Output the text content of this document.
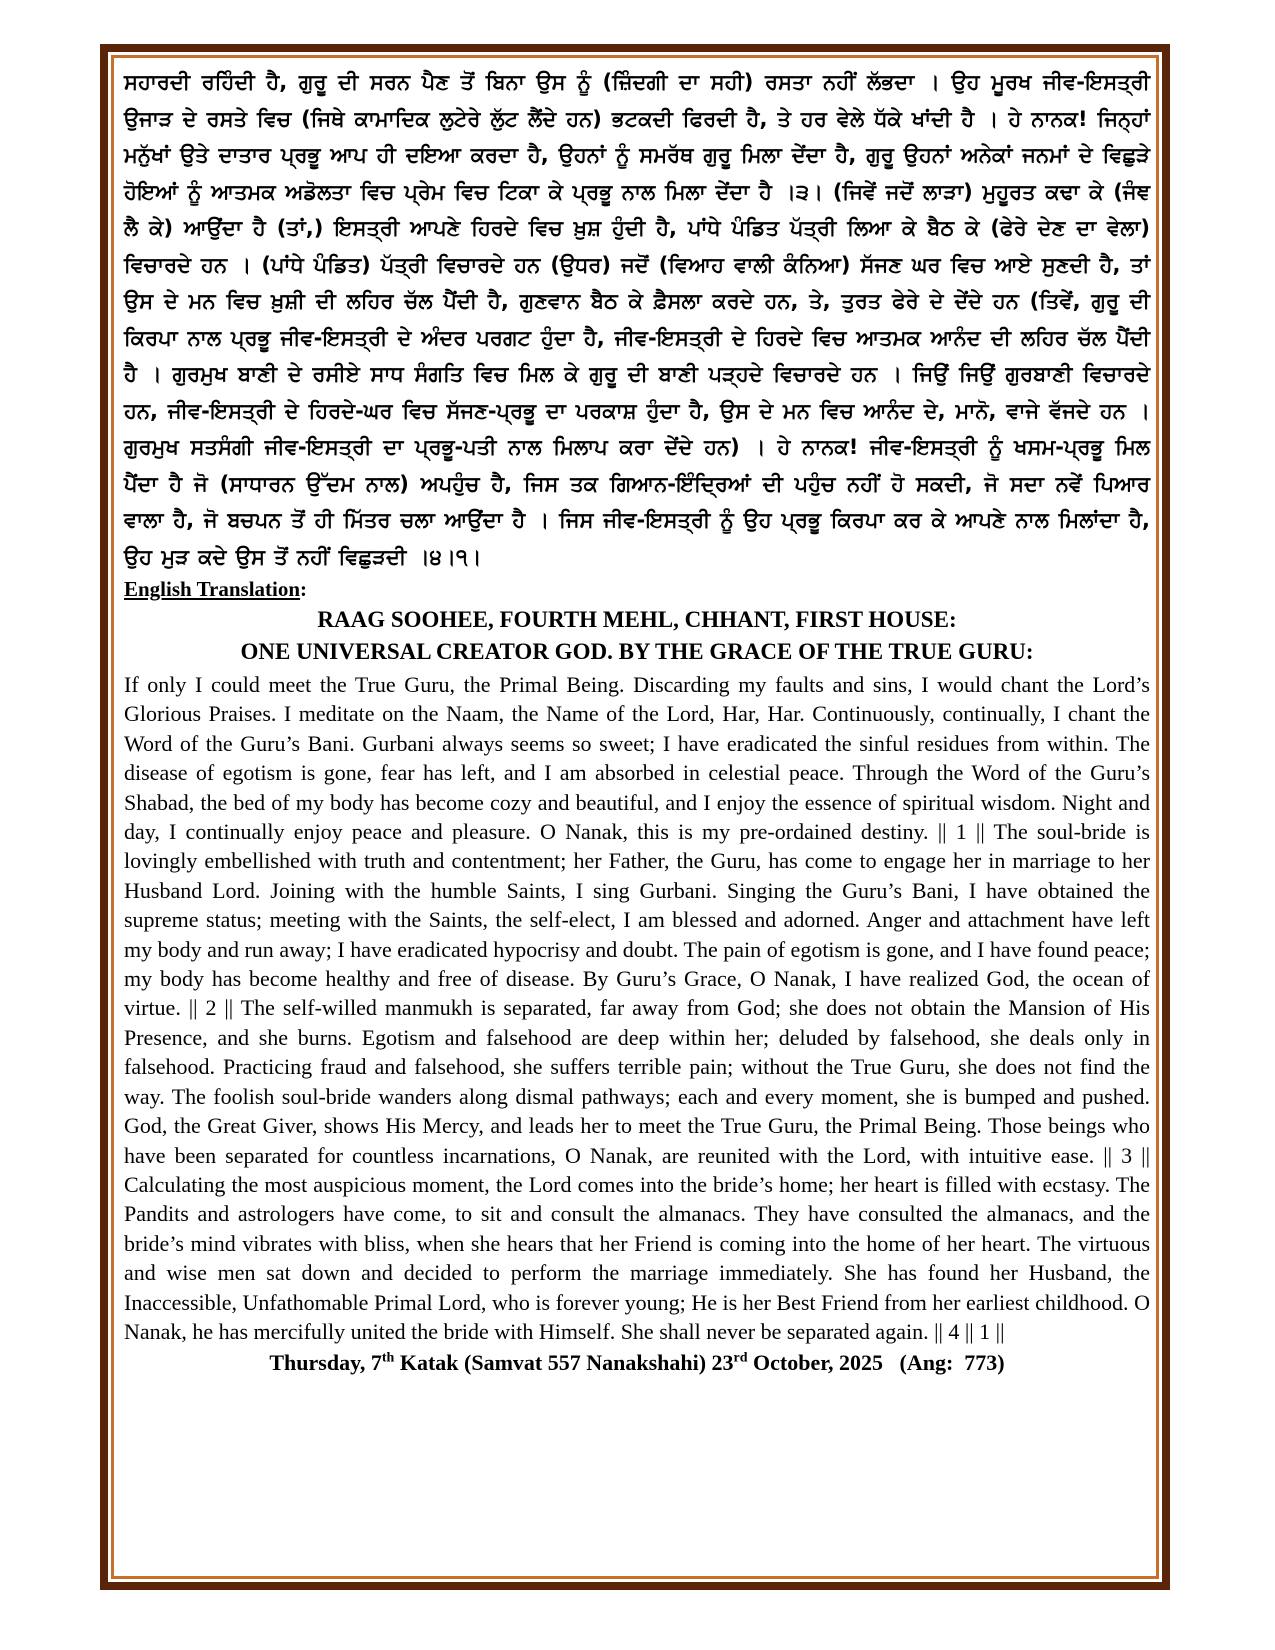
ਸਹਾਰਦੀ ਰਹਿੰਦੀ ਹੈ, ਗੁਰੂ ਦੀ ਸਰਨ ਪੈਣ ਤੋਂ ਬਿਨਾ ਉਸ ਨੂੰ (ਜ਼ਿੰਦਗੀ ਦਾ ਸਹੀ) ਰਸਤਾ ਨਹੀਂ ਲੱਭਦਾ । ਉਹ ਮੂਰਖ ਜੀਵ-ਇਸਤ੍ਰੀ ਉਜਾੜ ਦੇ ਰਸਤੇ ਵਿਚ (ਜਿਥੇ ਕਾਮਾਦਿਕ ਲੁਟੇਰੇ ਲੁੱਟ ਲੈਂਦੇ ਹਨ) ਭਟਕਦੀ ਫਿਰਦੀ ਹੈ, ਤੇ ਹਰ ਵੇਲੇ ਧੱਕੇ ਖਾਂਦੀ ਹੈ । ਹੇ ਨਾਨਕ! ਜਿਨ੍ਹਾਂ ਮਨੁੱਖਾਂ ਉਤੇ ਦਾਤਾਰ ਪ੍ਰਭੂ ਆਪ ਹੀ ਦਇਆ ਕਰਦਾ ਹੈ, ਉਹਨਾਂ ਨੂੰ ਸਮਰੱਥ ਗੁਰੂ ਮਿਲਾ ਦੇਂਦਾ ਹੈ, ਗੁਰੂ ਉਹਨਾਂ ਅਨੇਕਾਂ ਜਨਮਾਂ ਦੇ ਵਿਛੁੜੇ ਹੋਇਆਂ ਨੂੰ ਆਤਮਕ ਅਡੋਲਤਾ ਵਿਚ ਪ੍ਰੇਮ ਵਿਚ ਟਿਕਾ ਕੇ ਪ੍ਰਭੂ ਨਾਲ ਮਿਲਾ ਦੇਂਦਾ ਹੈ ।੩। (ਜਿਵੇਂ ਜਦੋਂ ਲਾੜਾ) ਮੁਹੂਰਤ ਕਢਾ ਕੇ (ਜੰਞ ਲੈ ਕੇ) ਆਉਂਦਾ ਹੈ (ਤਾਂ,) ਇਸਤ੍ਰੀ ਆਪਣੇ ਹਿਰਦੇ ਵਿਚ ਖ਼ੁਸ਼ ਹੁੰਦੀ ਹੈ, ਪਾਂਧੇ ਪੰਡਿਤ ਪੱਤ੍ਰੀ ਲਿਆ ਕੇ ਬੈਠ ਕੇ (ਫੇਰੇ ਦੇਣ ਦਾ ਵੇਲਾ) ਵਿਚਾਰਦੇ ਹਨ । (ਪਾਂਧੇ ਪੰਡਿਤ) ਪੱਤ੍ਰੀ ਵਿਚਾਰਦੇ ਹਨ (ਉਧਰ) ਜਦੋਂ (ਵਿਆਹ ਵਾਲੀ ਕੰਨਿਆ) ਸੱਜਣ ਘਰ ਵਿਚ ਆਏ ਸੁਣਦੀ ਹੈ, ਤਾਂ ਉਸ ਦੇ ਮਨ ਵਿਚ ਖ਼ੁਸ਼ੀ ਦੀ ਲਹਿਰ ਚੱਲ ਪੈਂਦੀ ਹੈ, ਗੁਣਵਾਨ ਬੈਠ ਕੇ ਫ਼ੈਸਲਾ ਕਰਦੇ ਹਨ, ਤੇ, ਤੁਰਤ ਫੇਰੇ ਦੇ ਦੇਂਦੇ ਹਨ (ਤਿਵੇਂ, ਗੁਰੂ ਦੀ ਕਿਰਪਾ ਨਾਲ ਪ੍ਰਭੂ ਜੀਵ-ਇਸਤ੍ਰੀ ਦੇ ਅੰਦਰ ਪਰਗਟ ਹੁੰਦਾ ਹੈ, ਜੀਵ-ਇਸਤ੍ਰੀ ਦੇ ਹਿਰਦੇ ਵਿਚ ਆਤਮਕ ਆਨੰਦ ਦੀ ਲਹਿਰ ਚੱਲ ਪੈਂਦੀ ਹੈ । ਗੁਰਮੁਖ ਬਾਣੀ ਦੇ ਰਸੀਏ ਸਾਧ ਸੰਗਤਿ ਵਿਚ ਮਿਲ ਕੇ ਗੁਰੂ ਦੀ ਬਾਣੀ ਪੜ੍ਹਦੇ ਵਿਚਾਰਦੇ ਹਨ । ਜਿਉਂ ਜਿਉਂ ਗੁਰਬਾਣੀ ਵਿਚਾਰਦੇ ਹਨ, ਜੀਵ-ਇਸਤ੍ਰੀ ਦੇ ਹਿਰਦੇ-ਘਰ ਵਿਚ ਸੱਜਣ-ਪ੍ਰਭੂ ਦਾ ਪਰਕਾਸ਼ ਹੁੰਦਾ ਹੈ, ਉਸ ਦੇ ਮਨ ਵਿਚ ਆਨੰਦ ਦੇ, ਮਾਨੋ, ਵਾਜੇ ਵੱਜਦੇ ਹਨ । ਗੁਰਮੁਖ ਸਤਸੰਗੀ ਜੀਵ-ਇਸਤ੍ਰੀ ਦਾ ਪ੍ਰਭੂ-ਪਤੀ ਨਾਲ ਮਿਲਾਪ ਕਰਾ ਦੇਂਦੇ ਹਨ) । ਹੇ ਨਾਨਕ! ਜੀਵ-ਇਸਤ੍ਰੀ ਨੂੰ ਖਸਮ-ਪ੍ਰਭੂ ਮਿਲ ਪੈਂਦਾ ਹੈ ਜੋ (ਸਾਧਾਰਨ ਉੱਦਮ ਨਾਲ) ਅਪਹੁੰਚ ਹੈ, ਜਿਸ ਤਕ ਗਿਆਨ-ਇੰਦ੍ਰਿਆਂ ਦੀ ਪਹੁੰਚ ਨਹੀਂ ਹੋ ਸਕਦੀ, ਜੋ ਸਦਾ ਨਵੇਂ ਪਿਆਰ ਵਾਲਾ ਹੈ, ਜੋ ਬਚਪਨ ਤੋਂ ਹੀ ਮਿੱਤਰ ਚਲਾ ਆਉਂਦਾ ਹੈ । ਜਿਸ ਜੀਵ-ਇਸਤ੍ਰੀ ਨੂੰ ਉਹ ਪ੍ਰਭੂ ਕਿਰਪਾ ਕਰ ਕੇ ਆਪਣੇ ਨਾਲ ਮਿਲਾਂਦਾ ਹੈ, ਉਹ ਮੁੜ ਕਦੇ ਉਸ ਤੋਂ ਨਹੀਂ ਵਿਛੁੜਦੀ ।੪।੧।

English Translation:

RAAG SOOHEE, FOURTH MEHL, CHHANT, FIRST HOUSE:

ONE UNIVERSAL CREATOR GOD. BY THE GRACE OF THE TRUE GURU:

If only I could meet the True Guru, the Primal Being. Discarding my faults and sins, I would chant the Lord’s Glorious Praises. I meditate on the Naam, the Name of the Lord, Har, Har. Continuously, continually, I chant the Word of the Guru’s Bani. Gurbani always seems so sweet; I have eradicated the sinful residues from within. The disease of egotism is gone, fear has left, and I am absorbed in celestial peace. Through the Word of the Guru’s Shabad, the bed of my body has become cozy and beautiful, and I enjoy the essence of spiritual wisdom. Night and day, I continually enjoy peace and pleasure. O Nanak, this is my pre-ordained destiny. || 1 || The soul-bride is lovingly embellished with truth and contentment; her Father, the Guru, has come to engage her in marriage to her Husband Lord. Joining with the humble Saints, I sing Gurbani. Singing the Guru’s Bani, I have obtained the supreme status; meeting with the Saints, the self-elect, I am blessed and adorned. Anger and attachment have left my body and run away; I have eradicated hypocrisy and doubt. The pain of egotism is gone, and I have found peace; my body has become healthy and free of disease. By Guru’s Grace, O Nanak, I have realized God, the ocean of virtue. || 2 || The self-willed manmukh is separated, far away from God; she does not obtain the Mansion of His Presence, and she burns. Egotism and falsehood are deep within her; deluded by falsehood, she deals only in falsehood. Practicing fraud and falsehood, she suffers terrible pain; without the True Guru, she does not find the way. The foolish soul-bride wanders along dismal pathways; each and every moment, she is bumped and pushed. God, the Great Giver, shows His Mercy, and leads her to meet the True Guru, the Primal Being. Those beings who have been separated for countless incarnations, O Nanak, are reunited with the Lord, with intuitive ease. || 3 || Calculating the most auspicious moment, the Lord comes into the bride’s home; her heart is filled with ecstasy. The Pandits and astrologers have come, to sit and consult the almanacs. They have consulted the almanacs, and the bride’s mind vibrates with bliss, when she hears that her Friend is coming into the home of her heart. The virtuous and wise men sat down and decided to perform the marriage immediately. She has found her Husband, the Inaccessible, Unfathomable Primal Lord, who is forever young; He is her Best Friend from her earliest childhood. O Nanak, he has mercifully united the bride with Himself. She shall never be separated again. || 4 || 1 ||

Thursday, 7th Katak (Samvat 557 Nanakshahi) 23rd October, 2025   (Ang:  773)
